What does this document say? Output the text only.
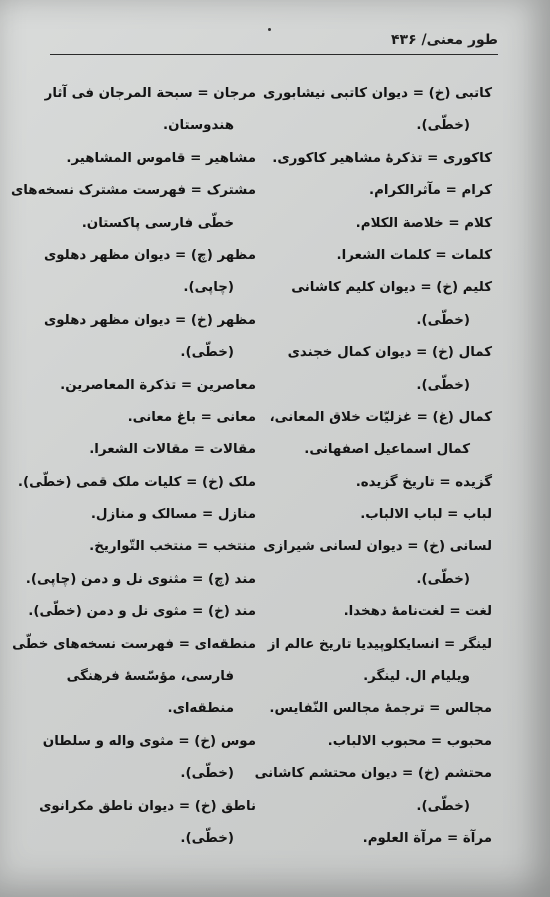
طور معنی/ ۴۳۶
کاتبی (خ) = دیوان کاتبی نیشابوری
(خطّی).
کاکوری = تذکرهٔ مشاهیر کاکوری.
کرام = مآثرالکرام.
کلام = خلاصة الکلام.
کلمات = کلمات الشعرا.
کلیم (خ) = دیوان کلیم کاشانی
(خطّی).
کمال (خ) = دیوان کمال خجندی
(خطّی).
کمال (غ) = غزلیّات خلاق المعانی،
کمال اسماعیل اصفهانی.
گزیده = تاریخ گزیده.
لباب = لباب الالباب.
لسانی (خ) = دیوان لسانی شیرازی
(خطّی).
لغت = لغت‌نامهٔ دهخدا.
لینگر = انسایکلوپیدیا تاریخ عالم از
ویلیام ال. لینگر.
مجالس = ترجمهٔ مجالس النّفایس.
محبوب = محبوب الالباب.
محتشم (خ) = دیوان محتشم کاشانی
(خطّی).
مرآة = مرآة العلوم.
مرجان = سبحة المرجان فی آثار
هندوستان.
مشاهیر = قاموس المشاهیر.
مشترک = فهرست مشترک نسخه‌های
خطّی فارسی پاکستان.
مظهر (چ) = دیوان مظهر دهلوی
(چاپی).
مظهر (خ) = دیوان مظهر دهلوی
(خطّی).
معاصرین = تذکرة المعاصرین.
معانی = باغ معانی.
مقالات = مقالات الشعرا.
ملک (خ) = کلیات ملک قمی (خطّی).
منازل = مسالک و منازل.
منتخب = منتخب التّواریخ.
مند (چ) = مثنوی نل و دمن (چاپی).
مند (خ) = مثوی نل و دمن (خطّی).
منطقه‌ای = فهرست نسخه‌های خطّی
فارسی، مؤسّسهٔ فرهنگی
منطقه‌ای.
موس (خ) = مثوی واله و سلطان
(خطّی).
ناطق (خ) = دیوان ناطق مکرانوی
(خطّی).
